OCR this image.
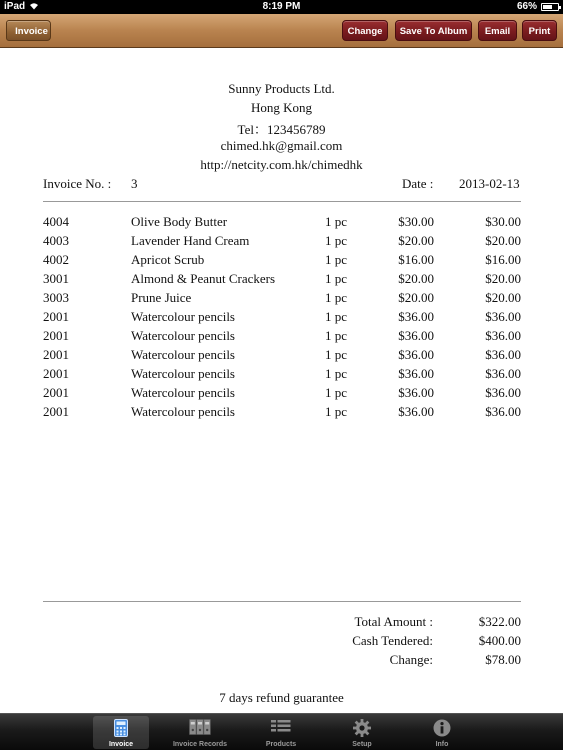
iPad	8:19 PM	66%
Invoice	Change	Save To Album	Email	Print
Sunny Products Ltd.
Hong Kong
Tel：123456789
chimed.hk@gmail.com
http://netcity.com.hk/chimedhk
Invoice No. : 3	Date : 2013-02-13
4004	Olive Body Butter	1 pc	$30.00	$30.00
4003	Lavender Hand Cream	1 pc	$20.00	$20.00
4002	Apricot Scrub	1 pc	$16.00	$16.00
3001	Almond & Peanut Crackers	1 pc	$20.00	$20.00
3003	Prune Juice	1 pc	$20.00	$20.00
2001	Watercolour pencils	1 pc	$36.00	$36.00
2001	Watercolour pencils	1 pc	$36.00	$36.00
2001	Watercolour pencils	1 pc	$36.00	$36.00
2001	Watercolour pencils	1 pc	$36.00	$36.00
2001	Watercolour pencils	1 pc	$36.00	$36.00
2001	Watercolour pencils	1 pc	$36.00	$36.00
Total Amount :	$322.00
Cash Tendered:	$400.00
Change:	$78.00
7 days refund guarantee
Invoice	Invoice Records	Products	Setup	Info
